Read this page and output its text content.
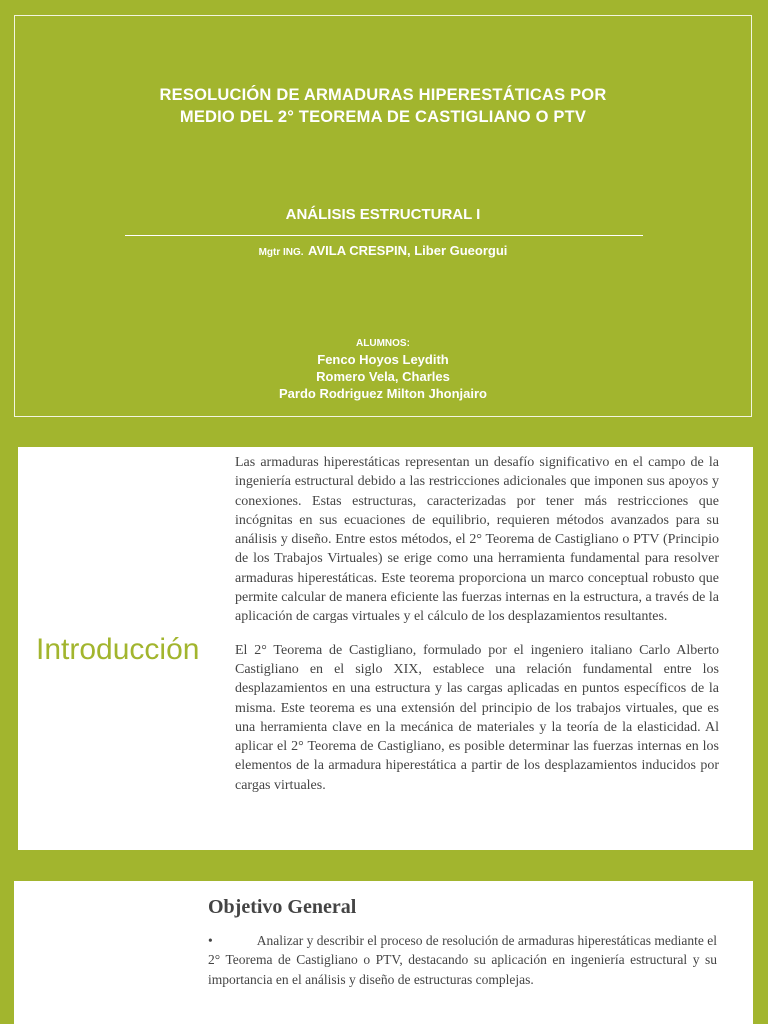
RESOLUCIÓN DE ARMADURAS HIPERESTÁTICAS POR
MEDIO DEL 2° TEOREMA DE CASTIGLIANO O PTV
ANÁLISIS ESTRUCTURAL I
Mgtr ING. AVILA CRESPIN, Liber Gueorgui
ALUMNOS:
Fenco Hoyos Leydith
Romero Vela, Charles
Pardo Rodriguez Milton Jhonjairo
Introducción

Las armaduras hiperestáticas representan un desafío significativo en el campo de la ingeniería estructural debido a las restricciones adicionales que imponen sus apoyos y conexiones. Estas estructuras, caracterizadas por tener más restricciones que incógnitas en sus ecuaciones de equilibrio, requieren métodos avanzados para su análisis y diseño. Entre estos métodos, el 2° Teorema de Castigliano o PTV (Principio de los Trabajos Virtuales) se erige como una herramienta fundamental para resolver armaduras hiperestáticas. Este teorema proporciona un marco conceptual robusto que permite calcular de manera eficiente las fuerzas internas en la estructura, a través de la aplicación de cargas virtuales y el cálculo de los desplazamientos resultantes.

El 2° Teorema de Castigliano, formulado por el ingeniero italiano Carlo Alberto Castigliano en el siglo XIX, establece una relación fundamental entre los desplazamientos en una estructura y las cargas aplicadas en puntos específicos de la misma. Este teorema es una extensión del principio de los trabajos virtuales, que es una herramienta clave en la mecánica de materiales y la teoría de la elasticidad. Al aplicar el 2° Teorema de Castigliano, es posible determinar las fuerzas internas en los elementos de la armadura hiperestática a partir de los desplazamientos inducidos por cargas virtuales.

Objetivo General
•	Analizar y describir el proceso de resolución de armaduras hiperestáticas mediante el 2° Teorema de Castigliano o PTV, destacando su aplicación en ingeniería estructural y su importancia en el análisis y diseño de estructuras complejas.
